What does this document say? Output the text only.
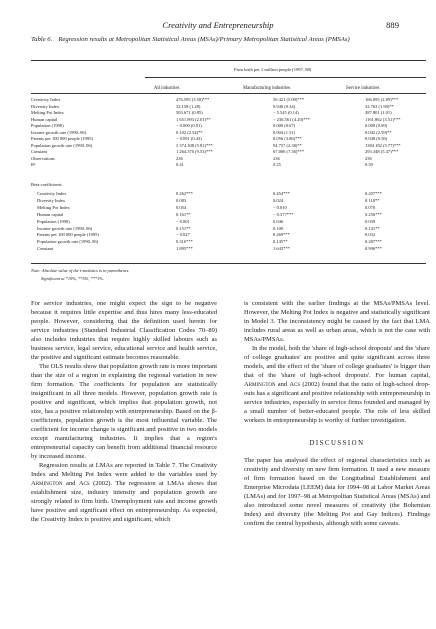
Creativity and Entrepreneurship	889
Table 6. Regression results at Metropolitan Statistical Areas (MSAs)/Primary Metropolitan Statistical Areas (PMSAs)
Firm birth per 1 million people (1997–98)
All industries	Manufacturing industries	Service industries
Creativity Index	476.595 (3.50)***	50.421 (5.09)***	166.095 (2.89)***
Diversity Index	32.158 (1.28)	0.940 (0.34)	32.763 (1.99)**
Melting Pot Index	503.671 (0.85)	− 5.545 (0.14)	287.801 (1.01)
Human capital	1 651.893 (2.01)**	− 236.561 (4.20)***	1161.862 (3.51)***
Population (1990)	− 0.000 (0.01)	0.000 (0.67)	0.000 (0.69)
Income growth rate (1990–96)	0.102 (2.54)**	0.004 (1.51)	0.042 (2.59)**
Patents per 100 000 people (1995)	− 0.091 (0.43)	0.056 (3.86)***	0.048 (0.56)
Population growth rate (1990–96)	3 374.308 (5.81)***	94.757 (2.38)**	1384.182 (5.77)***
Constant	1 264.370 (9.53)***	67.006 (7.36)***	293.348 (5.47)***
Observations	236	236	236
R²	0.41	0.25	0.50
Beta-coefficients
Creativity Index	0.262***	0.454***	0.207***
Diversity Index	0.083	0.024	0.118**
Melting Pot Index	0.054	− 0.010	0.070
Human capital	0.161**	− 0.377***	0.256***
Population (1990)	− 0.001	0.046	0.039
Income growth rate (1990–96)	0.151**	0.100	0.141**
Patents per 100 000 people (1995)	− 0.027	0.269***	0.032
Population growth rate (1990–96)	0.316***	0.145**	0.287***
Constant	1.895***	1.643***	0.996***
Note: Absolute value of the t-statistics is in parentheses.
Significant at *10%, **5%, ***1%.

For service industries, one might expect the sign to be negative because it requires little expertise and thus hires many less-educated people. However, considering that the definition used herein for service industries (Standard Industrial Classification Codes 70–89) also includes industries that require highly skilled labours such as business service, legal service, educational service and health service, the positive and significant estimate becomes reasonable.

The OLS results show that population growth rate is more important than the size of a region in explaining the regional variation in new firm formation. The coefficients for population are statistically insignificant in all three models. However, population growth rate is positive and significant, which implies that population growth, not size, has a positive relationship with entrepreneurship. Based on the β-coefficients, population growth is the most influential variable. The coefficient for income change is significant and positive in two models except manufacturing industries. It implies that a region's entrepreneurial capacity can benefit from additional financial resource by increased income.

Regression results at LMAs are reported in Table 7. The Creativity Index and Melting Pot Index were added to the variables used by Armington and Acs (2002). The regression at LMAs shows that establishment size, industry intensity and population growth are strongly related to firm birth. Unemployment rate and income growth have positive and significant effect on entrepreneurship. As expected, the Creativity Index is positive and significant, which

is consistent with the earlier findings at the MSAs/PMSAs level. However, the Melting Pot Index is negative and statistically significant in Model 3. The inconsistency might be caused by the fact that LMA includes rural areas as well as urban areas, which is not the case with MSAs/PMSAs.

In the model, both the 'share of high-school dropouts' and the 'share of college graduates' are positive and quite significant across three models, and the effect of the 'share of college graduates' is bigger than that of the 'share of high-school dropouts'. For human capital, Armington and Acs (2002) found that the ratio of high-school drop-outs has a significant and positive relationship with entrepreneurship in service industries, especially in service firms founded and managed by a small number of better-educated people. The role of less skilled workers in entrepreneurship is worthy of further investigation.

DISCUSSION

The paper has analysed the effect of regional characteristics such as creativity and diversity on new firm formation. It used a new measure of firm formation based on the Longitudinal Establishment and Enterprise Microdata (LEEM) data for 1994–98 at Labor Market Areas (LMAs) and for 1997–98 at Metropolitan Statistical Areas (MSAs) and also introduced some novel measures of creativity (the Bohemian Index) and diversity (the Melting Pot and Gay Indices). Findings confirm the central hypothesis, although with some caveats.
